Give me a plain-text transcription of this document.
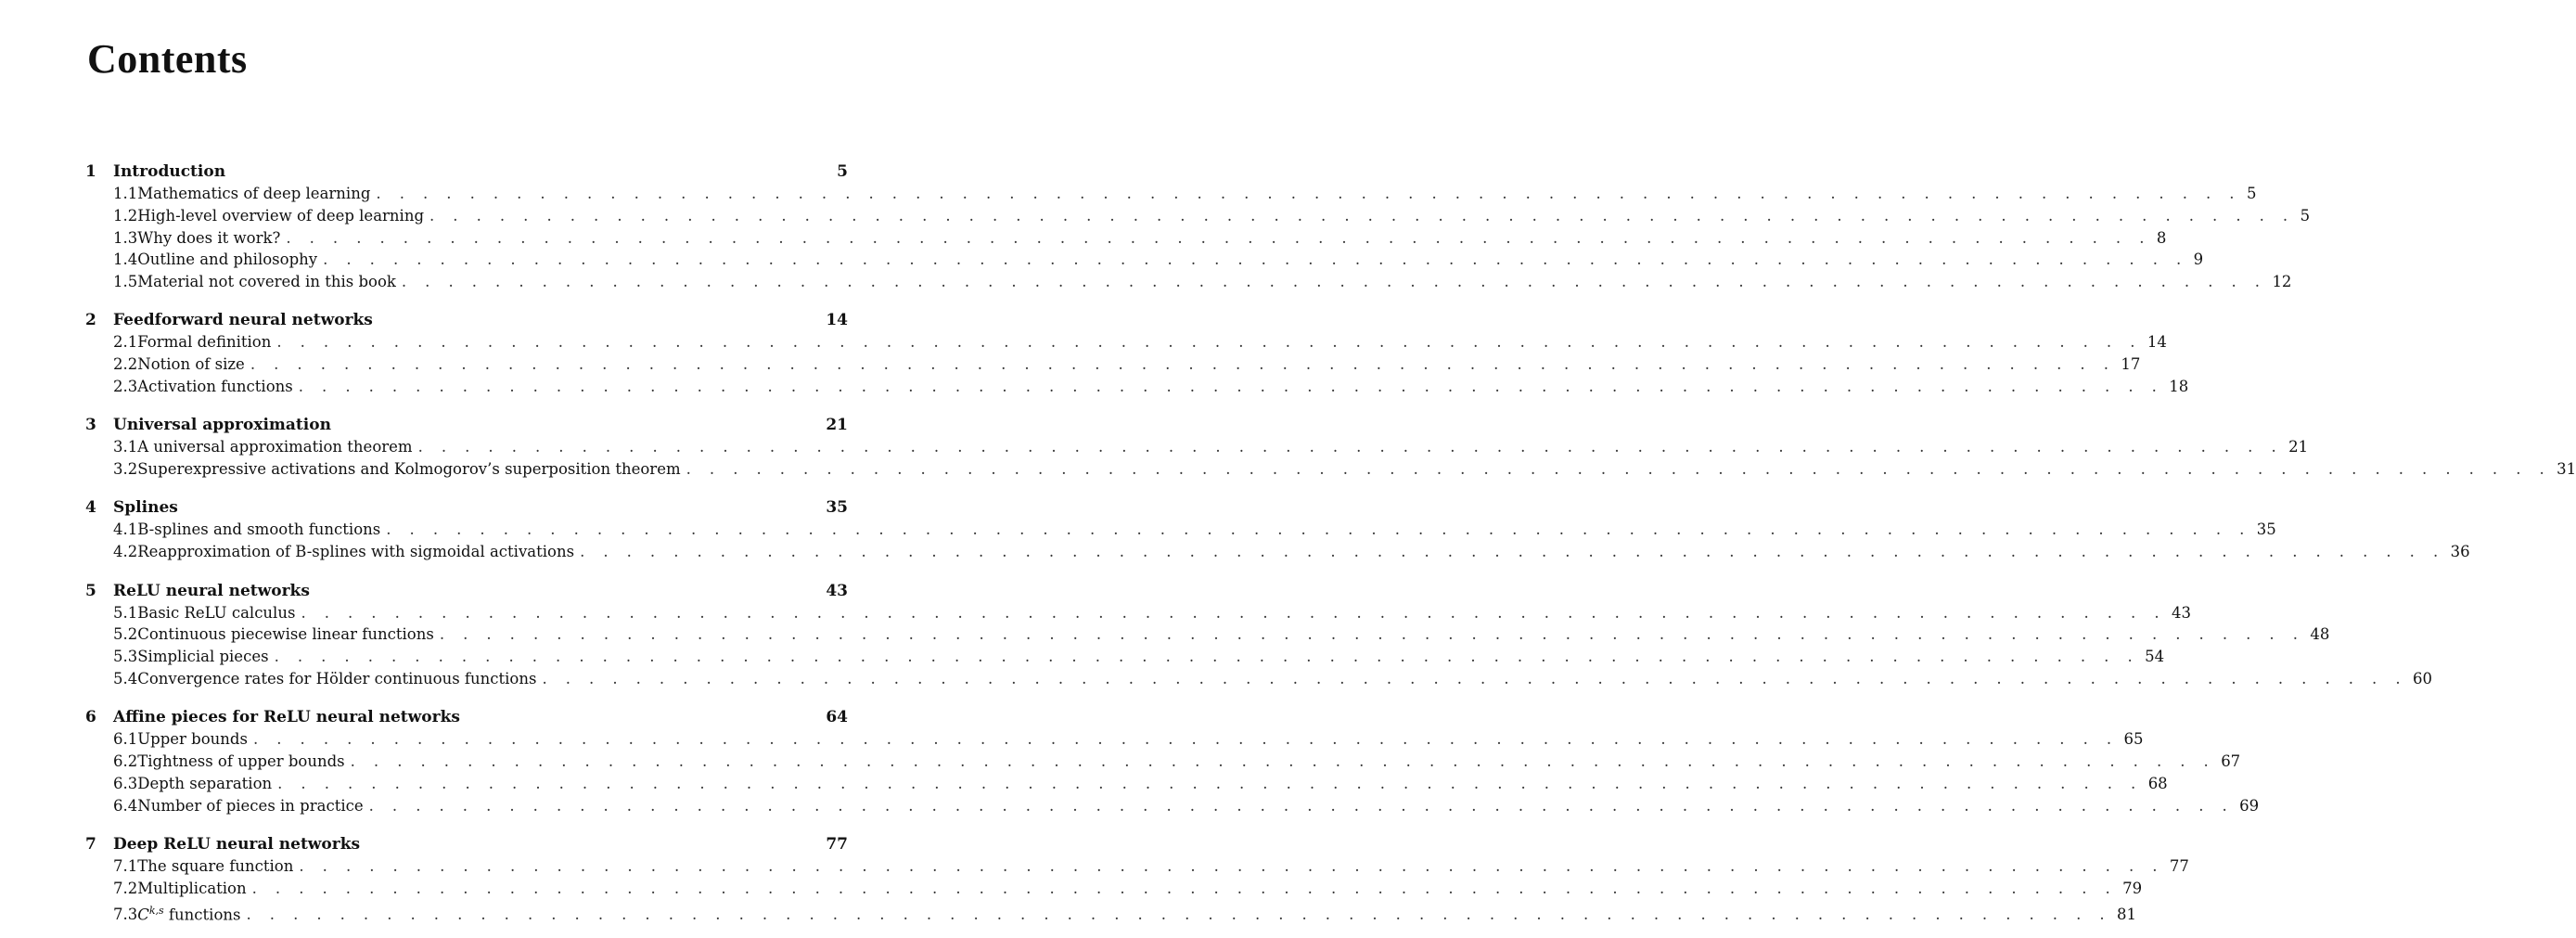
Contents
1	Introduction	5
1.1 Mathematics of deep learning . . . . . . . . . . . . . . . . . . . . . . . . . . . . . . . . . . . . . . . . . . . . . . . . . . . . . . . . . . . . . . . . . . . . . . . . . . . . . . . . 5
1.2 High-level overview of deep learning . . . . . . . . . . . . . . . . . . . . . . . . . . . . . . . . . . . . . . . . . . . . . . . . . . . . . . . . . . . . . . . . . . . . . . . . . . . . . . . . 5
1.3 Why does it work? . . . . . . . . . . . . . . . . . . . . . . . . . . . . . . . . . . . . . . . . . . . . . . . . . . . . . . . . . . . . . . . . . . . . . . . . . . . . . . . . 8
1.4 Outline and philosophy . . . . . . . . . . . . . . . . . . . . . . . . . . . . . . . . . . . . . . . . . . . . . . . . . . . . . . . . . . . . . . . . . . . . . . . . . . . . . . . . 9
1.5 Material not covered in this book . . . . . . . . . . . . . . . . . . . . . . . . . . . . . . . . . . . . . . . . . . . . . . . . . . . . . . . . . . . . . . . . . . . . . . . . . . . . . . . . 12
2	Feedforward neural networks	14
2.1 Formal definition . . . . . . . . . . . . . . . . . . . . . . . . . . . . . . . . . . . . . . . . . . . . . . . . . . . . . . . . . . . . . . . . . . . . . . . . . . . . . . . . 14
2.2 Notion of size . . . . . . . . . . . . . . . . . . . . . . . . . . . . . . . . . . . . . . . . . . . . . . . . . . . . . . . . . . . . . . . . . . . . . . . . . . . . . . . . 17
2.3 Activation functions . . . . . . . . . . . . . . . . . . . . . . . . . . . . . . . . . . . . . . . . . . . . . . . . . . . . . . . . . . . . . . . . . . . . . . . . . . . . . . . . 18
3	Universal approximation	21
3.1 A universal approximation theorem . . . . . . . . . . . . . . . . . . . . . . . . . . . . . . . . . . . . . . . . . . . . . . . . . . . . . . . . . . . . . . . . . . . . . . . . . . . . . . . . 21
3.2 Superexpressive activations and Kolmogorov’s superposition theorem . . . . . . . . . . . . . . . . . . . . . . . . . . . . . . . . . . . . . . . . . . . . . . . . . . . . . . . . . . . . . . . . . . . . . . . . . . . . . . . . 31
4	Splines	35
4.1 B-splines and smooth functions . . . . . . . . . . . . . . . . . . . . . . . . . . . . . . . . . . . . . . . . . . . . . . . . . . . . . . . . . . . . . . . . . . . . . . . . . . . . . . . . 35
4.2 Reapproximation of B-splines with sigmoidal activations . . . . . . . . . . . . . . . . . . . . . . . . . . . . . . . . . . . . . . . . . . . . . . . . . . . . . . . . . . . . . . . . . . . . . . . . . . . . . . . . 36
5	ReLU neural networks	43
5.1 Basic ReLU calculus . . . . . . . . . . . . . . . . . . . . . . . . . . . . . . . . . . . . . . . . . . . . . . . . . . . . . . . . . . . . . . . . . . . . . . . . . . . . . . . . 43
5.2 Continuous piecewise linear functions . . . . . . . . . . . . . . . . . . . . . . . . . . . . . . . . . . . . . . . . . . . . . . . . . . . . . . . . . . . . . . . . . . . . . . . . . . . . . . . . 48
5.3 Simplicial pieces . . . . . . . . . . . . . . . . . . . . . . . . . . . . . . . . . . . . . . . . . . . . . . . . . . . . . . . . . . . . . . . . . . . . . . . . . . . . . . . . 54
5.4 Convergence rates for Hölder continuous functions . . . . . . . . . . . . . . . . . . . . . . . . . . . . . . . . . . . . . . . . . . . . . . . . . . . . . . . . . . . . . . . . . . . . . . . . . . . . . . . . 60
6	Affine pieces for ReLU neural networks	64
6.1 Upper bounds . . . . . . . . . . . . . . . . . . . . . . . . . . . . . . . . . . . . . . . . . . . . . . . . . . . . . . . . . . . . . . . . . . . . . . . . . . . . . . . . 65
6.2 Tightness of upper bounds . . . . . . . . . . . . . . . . . . . . . . . . . . . . . . . . . . . . . . . . . . . . . . . . . . . . . . . . . . . . . . . . . . . . . . . . . . . . . . . . 67
6.3 Depth separation . . . . . . . . . . . . . . . . . . . . . . . . . . . . . . . . . . . . . . . . . . . . . . . . . . . . . . . . . . . . . . . . . . . . . . . . . . . . . . . . 68
6.4 Number of pieces in practice . . . . . . . . . . . . . . . . . . . . . . . . . . . . . . . . . . . . . . . . . . . . . . . . . . . . . . . . . . . . . . . . . . . . . . . . . . . . . . . . 69
7	Deep ReLU neural networks	77
7.1 The square function . . . . . . . . . . . . . . . . . . . . . . . . . . . . . . . . . . . . . . . . . . . . . . . . . . . . . . . . . . . . . . . . . . . . . . . . . . . . . . . . 77
7.2 Multiplication . . . . . . . . . . . . . . . . . . . . . . . . . . . . . . . . . . . . . . . . . . . . . . . . . . . . . . . . . . . . . . . . . . . . . . . . . . . . . . . . 79
7.3 C$^{k,s}$ functions . . . . . . . . . . . . . . . . . . . . . . . . . . . . . . . . . . . . . . . . . . . . . . . . . . . . . . . . . . . . . . . . . . . . . . . . . . . . . . . . 81
